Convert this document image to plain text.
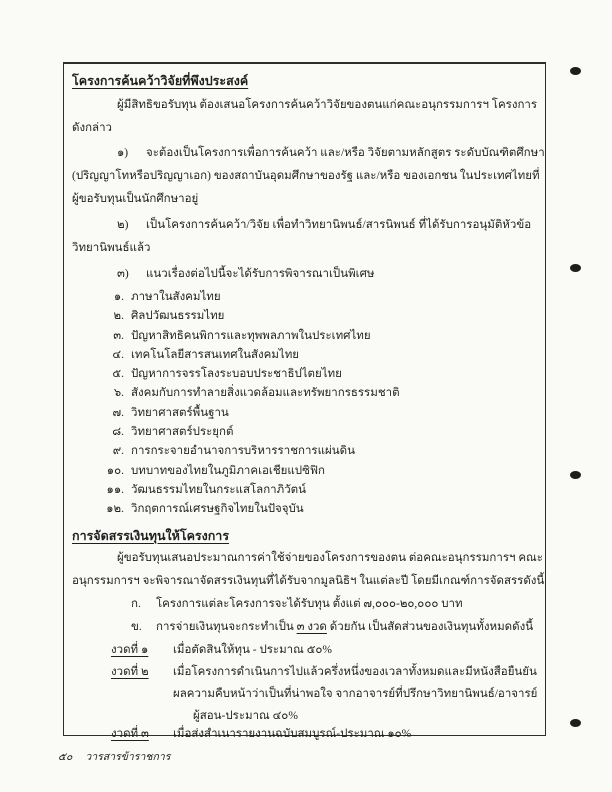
โครงการค้นคว้าวิจัยที่พึงประสงค์
ผู้มีสิทธิขอรับทุน ต้องเสนอโครงการค้นคว้าวิจัยของตนแก่คณะอนุกรรมการฯ โครงการ
ดังกล่าว
๑) จะต้องเป็นโครงการเพื่อการค้นคว้า และ/หรือ วิจัยตามหลักสูตร ระดับบัณฑิตศึกษา
(ปริญญาโทหรือปริญญาเอก) ของสถาบันอุดมศึกษาของรัฐ และ/หรือ ของเอกชน ในประเทศไทยที่
ผู้ขอรับทุนเป็นนักศึกษาอยู่
๒) เป็นโครงการค้นคว้า/วิจัย เพื่อทำวิทยานิพนธ์/สารนิพนธ์ ที่ได้รับการอนุมัติหัวข้อ
วิทยานิพนธ์แล้ว
๓) แนวเรื่องต่อไปนี้จะได้รับการพิจารณาเป็นพิเศษ
๑. ภาษาในสังคมไทย
๒. ศิลปวัฒนธรรมไทย
๓. ปัญหาสิทธิคนพิการและทุพพลภาพในประเทศไทย
๔. เทคโนโลยีสารสนเทศในสังคมไทย
๕. ปัญหาการจรรโลงระบอบประชาธิปไตยไทย
๖. สังคมกับการทำลายสิ่งแวดล้อมและทรัพยากรธรรมชาติ
๗. วิทยาศาสตร์พื้นฐาน
๘. วิทยาศาสตร์ประยุกต์
๙. การกระจายอำนาจการบริหารราชการแผ่นดิน
๑๐. บทบาทของไทยในภูมิภาคเอเชียแปซิฟิก
๑๑. วัฒนธรรมไทยในกระแสโลกาภิวัตน์
๑๒. วิกฤตการณ์เศรษฐกิจไทยในปัจจุบัน
การจัดสรรเงินทุนให้โครงการ
ผู้ขอรับทุนเสนอประมาณการค่าใช้จ่ายของโครงการของตน ต่อคณะอนุกรรมการฯ คณะ
อนุกรรมการฯ จะพิจารณาจัดสรรเงินทุนที่ได้รับจากมูลนิธิฯ ในแต่ละปี โดยมีเกณฑ์การจัดสรรดังนี้
ก.	โครงการแต่ละโครงการจะได้รับทุน ตั้งแต่ ๗,๐๐๐-๒๐,๐๐๐ บาท
ข.	การจ่ายเงินทุนจะกระทำเป็น ๓ งวด ด้วยกัน เป็นสัดส่วนของเงินทุนทั้งหมดดังนี้
งวดที่ ๑	เมื่อตัดสินให้ทุน - ประมาณ ๕๐%
งวดที่ ๒	เมื่อโครงการดำเนินการไปแล้วครึ่งหนึ่งของเวลาทั้งหมดและมีหนังสือยืนยัน
ผลความคืบหน้าว่าเป็นที่น่าพอใจ จากอาจารย์ที่ปรึกษาวิทยานิพนธ์/อาจารย์
ผู้สอน-ประมาณ ๔๐%
งวดที่ ๓	เมื่อส่งสำเนารายงานฉบับสมบูรณ์-ประมาณ ๑๐%
๕๐ วารสารข้าราชการ
